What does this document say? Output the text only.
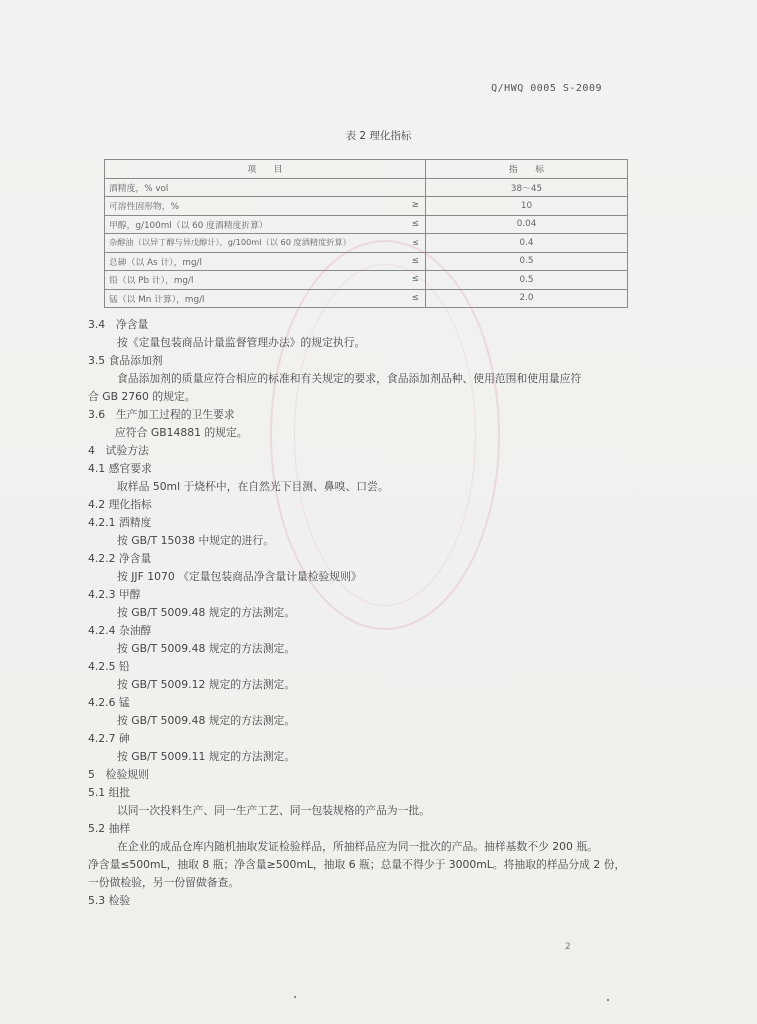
Q/HWQ 0005 S-2009
表 2 理化指标
项　　目	指　　标
酒精度，% vol	38～45
可溶性固形物，% ≥	10
甲醇，g/100ml（以 60 度酒精度折算） ≤	0.04
杂醇油（以异丁醇与异戊醇计），g/100ml（以 60 度酒精度折算） ≤	0.4
总砷（以 As 计），mg/l ≤	0.5
铅（以 Pb 计），mg/l ≤	0.5
锰（以 Mn 计算），mg/l ≤	2.0

3.4　净含量

按《定量包装商品计量监督管理办法》的规定执行。

3.5 食品添加剂

食品添加剂的质量应符合相应的标准和有关规定的要求，食品添加剂品种、使用范围和使用量应符

合 GB 2760 的规定。

3.6　生产加工过程的卫生要求

应符合 GB14881 的规定。

4　试验方法

4.1 感官要求

取样品 50ml 于烧杯中，在自然光下目测、鼻嗅、口尝。

4.2 理化指标

4.2.1 酒精度

按 GB/T 15038 中规定的进行。

4.2.2 净含量

按 JJF 1070 《定量包装商品净含量计量检验规则》

4.2.3 甲醇

按 GB/T 5009.48 规定的方法测定。

4.2.4 杂油醇

按 GB/T 5009.48 规定的方法测定。

4.2.5 铅

按 GB/T 5009.12 规定的方法测定。

4.2.6 锰

按 GB/T 5009.48 规定的方法测定。

4.2.7 砷

按 GB/T 5009.11 规定的方法测定。

5　检验规则

5.1 组批

以同一次投料生产、同一生产工艺、同一包装规格的产品为一批。

5.2 抽样

在企业的成品仓库内随机抽取发证检验样品，所抽样品应为同一批次的产品。抽样基数不少 200 瓶。

净含量≤500mL，抽取 8 瓶；净含量≥500mL，抽取 6 瓶；总量不得少于 3000mL。将抽取的样品分成 2 份，

一份做检验，另一份留做备查。

5.3 检验

2
